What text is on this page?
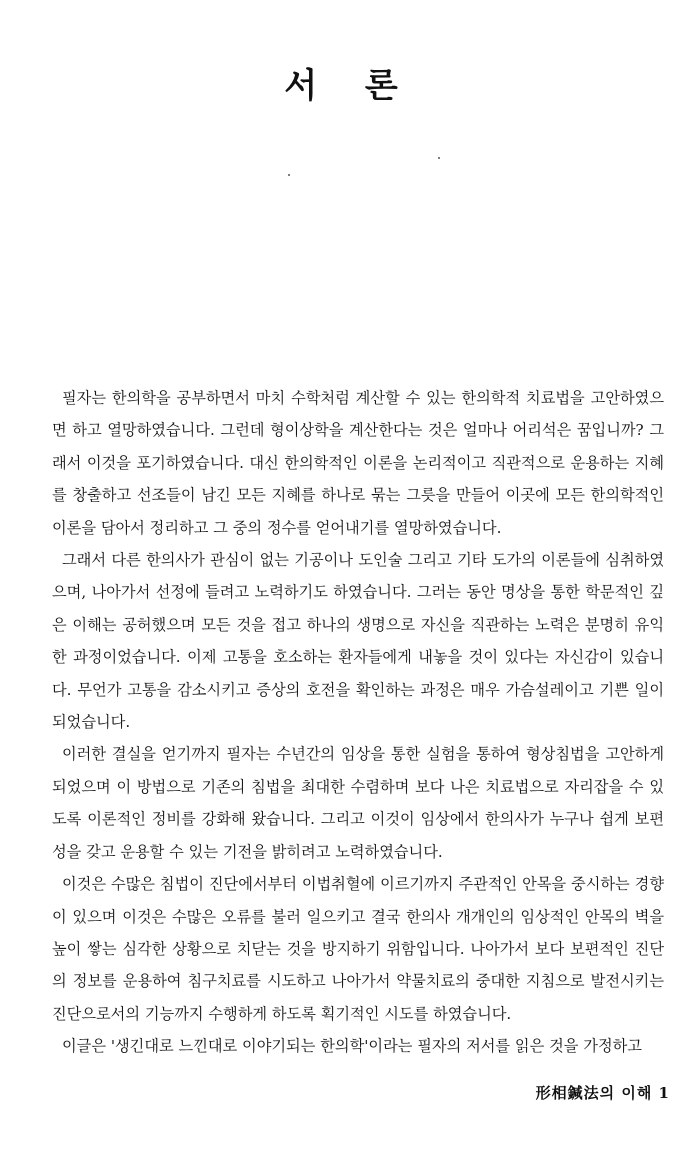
서 론

필자는 한의학을 공부하면서 마치 수학처럼 계산할 수 있는 한의학적 치료법을 고안하였으면 하고 열망하였습니다. 그런데 형이상학을 계산한다는 것은 얼마나 어리석은 꿈입니까? 그래서 이것을 포기하였습니다. 대신 한의학적인 이론을 논리적이고 직관적으로 운용하는 지혜를 창출하고 선조들이 남긴 모든 지혜를 하나로 묶는 그릇을 만들어 이곳에 모든 한의학적인 이론을 담아서 정리하고 그 중의 정수를 얻어내기를 열망하였습니다.

그래서 다른 한의사가 관심이 없는 기공이나 도인술 그리고 기타 도가의 이론들에 심취하였으며, 나아가서 선정에 들려고 노력하기도 하였습니다. 그러는 동안 명상을 통한 학문적인 깊은 이해는 공허했으며 모든 것을 접고 하나의 생명으로 자신을 직관하는 노력은 분명히 유익한 과정이었습니다. 이제 고통을 호소하는 환자들에게 내놓을 것이 있다는 자신감이 있습니다. 무언가 고통을 감소시키고 증상의 호전을 확인하는 과정은 매우 가슴설레이고 기쁜 일이 되었습니다.

이러한 결실을 얻기까지 필자는 수년간의 임상을 통한 실험을 통하여 형상침법을 고안하게 되었으며 이 방법으로 기존의 침법을 최대한 수렴하며 보다 나은 치료법으로 자리잡을 수 있도록 이론적인 정비를 강화해 왔습니다. 그리고 이것이 임상에서 한의사가 누구나 쉽게 보편성을 갖고 운용할 수 있는 기전을 밝히려고 노력하였습니다.

이것은 수많은 침법이 진단에서부터 이법취혈에 이르기까지 주관적인 안목을 중시하는 경향이 있으며 이것은 수많은 오류를 불러 일으키고 결국 한의사 개개인의 임상적인 안목의 벽을 높이 쌓는 심각한 상황으로 치닫는 것을 방지하기 위함입니다. 나아가서 보다 보편적인 진단의 정보를 운용하여 침구치료를 시도하고 나아가서 약물치료의 중대한 지침으로 발전시키는 진단으로서의 기능까지 수행하게 하도록 획기적인 시도를 하였습니다.

이글은 '생긴대로 느낀대로 이야기되는 한의학'이라는 필자의 저서를 읽은 것을 가정하고

形相鍼法의 이해 1
